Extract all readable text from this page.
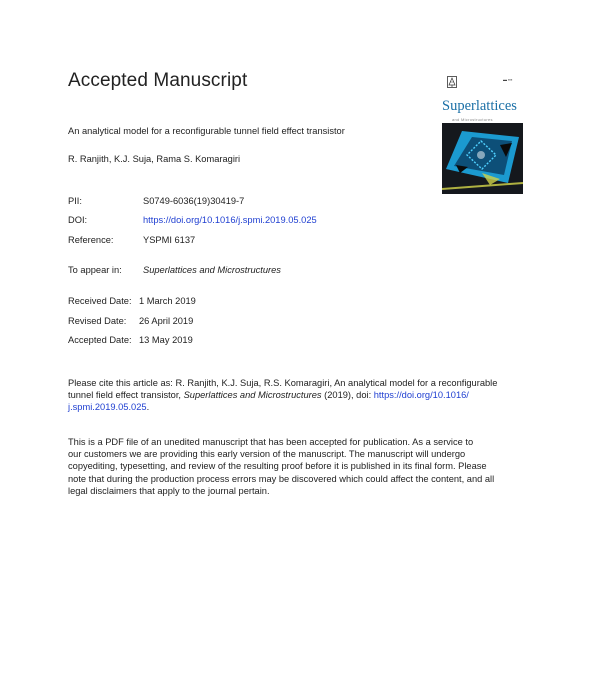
Accepted Manuscript	▬ ▪▪▪
Superlattices
and Microstructures
An analytical model for a reconfigurable tunnel field effect transistor
R. Ranjith, K.J. Suja, Rama S. Komaragiri
PII:	S0749-6036(19)30419-7
DOI:	https://doi.org/10.1016/j.spmi.2019.05.025
Reference:	YSPMI 6137
To appear in: Superlattices and Microstructures
Received Date: 1 March 2019
Revised Date: 26 April 2019
Accepted Date: 13 May 2019
Please cite this article as: R. Ranjith, K.J. Suja, R.S. Komaragiri, An analytical model for a reconfigurable
tunnel field effect transistor, Superlattices and Microstructures (2019), doi: https://doi.org/10.1016/
j.spmi.2019.05.025.
This is a PDF file of an unedited manuscript that has been accepted for publication. As a service to
our customers we are providing this early version of the manuscript. The manuscript will undergo
copyediting, typesetting, and review of the resulting proof before it is published in its final form. Please
note that during the production process errors may be discovered which could affect the content, and all
legal disclaimers that apply to the journal pertain.
